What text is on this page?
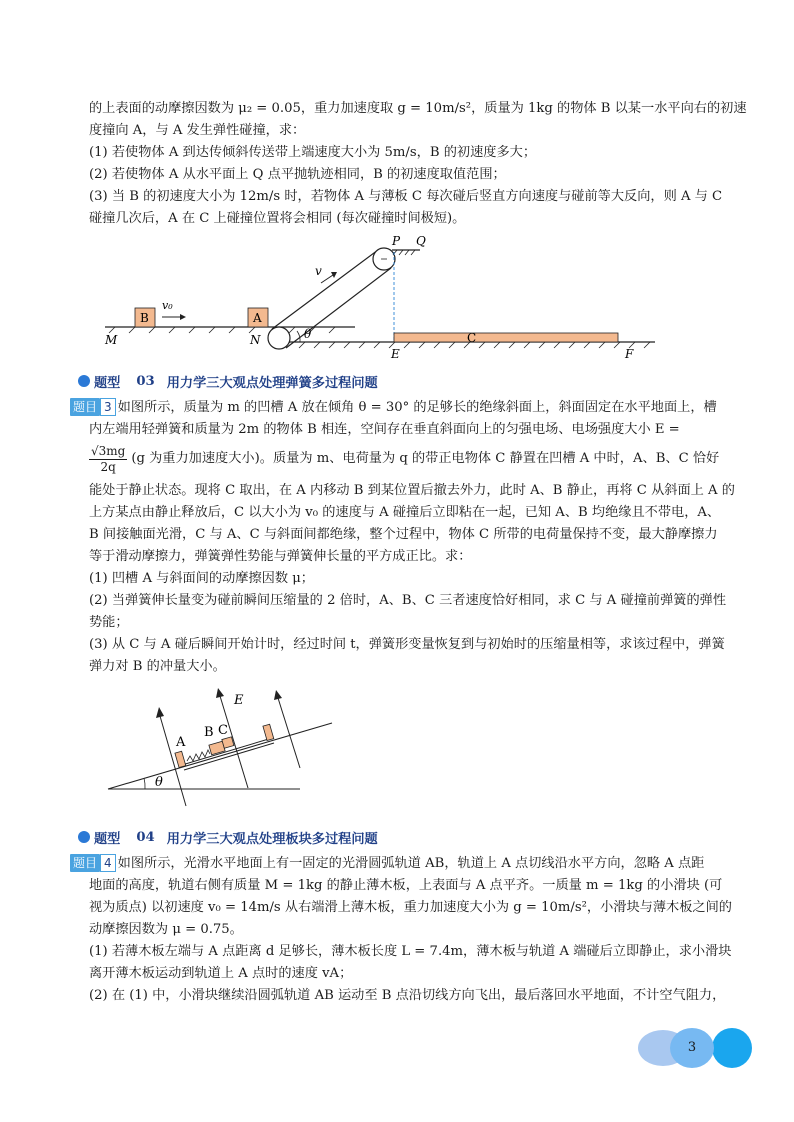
的上表面的动摩擦因数为 μ₂ = 0.05，重力加速度取 g = 10m/s²，质量为 1kg 的物体 B 以某一水平向右的初速
度撞向 A，与 A 发生弹性碰撞，求：
(1) 若使物体 A 到达传倾斜传送带上端速度大小为 5m/s，B 的初速度多大；
(2) 若使物体 A 从水平面上 Q 点平抛轨迹相同，B 的初速度取值范围；
(3) 当 B 的初速度大小为 12m/s 时，若物体 A 与薄板 C 每次碰后竖直方向速度与碰前等大反向，则 A 与 C
碰撞几次后，A 在 C 上碰撞位置将会相同 (每次碰撞时间极短)。
P Q
v
v₀
B	A
C
M	N	θ
E	F
题型 03 用力学三大观点处理弹簧多过程问题
题目 3 如图所示，质量为 m 的凹槽 A 放在倾角 θ = 30° 的足够长的绝缘斜面上，斜面固定在水平地面上，槽
内左端用轻弹簧和质量为 2m 的物体 B 相连，空间存在垂直斜面向上的匀强电场、电场强度大小 E =
√3mg
2q
(g 为重力加速度大小)。质量为 m、电荷量为 q 的带正电物体 C 静置在凹槽 A 中时，A、B、C 恰好
能处于静止状态。现将 C 取出，在 A 内移动 B 到某位置后撤去外力，此时 A、B 静止，再将 C 从斜面上 A 的
上方某点由静止释放后，C 以大小为 v₀ 的速度与 A 碰撞后立即粘在一起，已知 A、B 均绝缘且不带电，A、
B 间接触面光滑，C 与 A、C 与斜面间都绝缘，整个过程中，物体 C 所带的电荷量保持不变，最大静摩擦力
等于滑动摩擦力，弹簧弹性势能与弹簧伸长量的平方成正比。求：
(1) 凹槽 A 与斜面间的动摩擦因数 μ；
(2) 当弹簧伸长量变为碰前瞬间压缩量的 2 倍时，A、B、C 三者速度恰好相同，求 C 与 A 碰撞前弹簧的弹性
势能；
(3) 从 C 与 A 碰后瞬间开始计时，经过时间 t，弹簧形变量恢复到与初始时的压缩量相等，求该过程中，弹簧
弹力对 B 的冲量大小。
E
A
B C
θ
题型 04 用力学三大观点处理板块多过程问题
题目 4 如图所示，光滑水平地面上有一固定的光滑圆弧轨道 AB，轨道上 A 点切线沿水平方向，忽略 A 点距
地面的高度，轨道右侧有质量 M = 1kg 的静止薄木板，上表面与 A 点平齐。一质量 m = 1kg 的小滑块 (可
视为质点) 以初速度 v₀ = 14m/s 从右端滑上薄木板，重力加速度大小为 g = 10m/s²，小滑块与薄木板之间的
动摩擦因数为 μ = 0.75。
(1) 若薄木板左端与 A 点距离 d 足够长，薄木板长度 L = 7.4m，薄木板与轨道 A 端碰后立即静止，求小滑块
离开薄木板运动到轨道上 A 点时的速度 vA；
(2) 在 (1) 中，小滑块继续沿圆弧轨道 AB 运动至 B 点沿切线方向飞出，最后落回水平地面，不计空气阻力，
3
